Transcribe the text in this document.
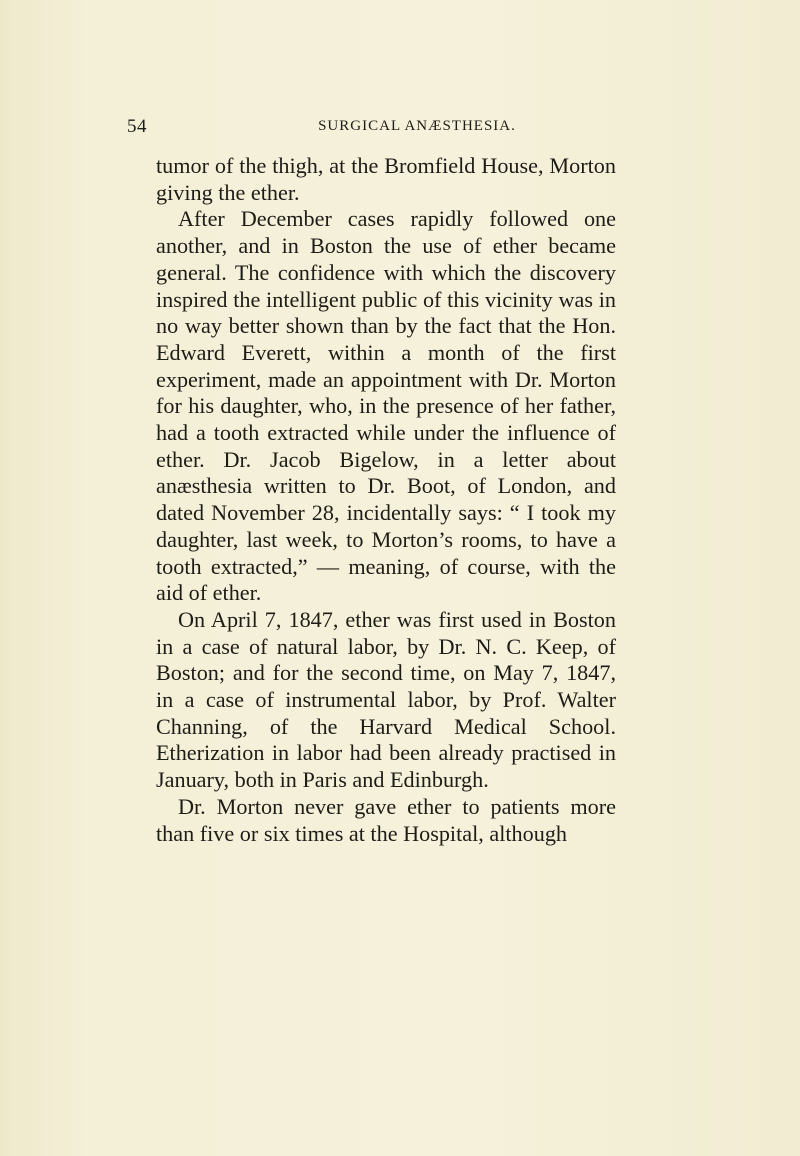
54	SURGICAL ANÆSTHESIA.

tumor of the thigh, at the Bromfield House, Morton giving the ether.

After December cases rapidly followed one another, and in Boston the use of ether became general. The confidence with which the discovery inspired the intelligent public of this vicinity was in no way better shown than by the fact that the Hon. Edward Everett, within a month of the first experiment, made an appointment with Dr. Morton for his daughter, who, in the presence of her father, had a tooth extracted while under the influence of ether. Dr. Jacob Bigelow, in a letter about anæsthesia written to Dr. Boot, of London, and dated November 28, incidentally says: “ I took my daughter, last week, to Morton’s rooms, to have a tooth extracted,” — meaning, of course, with the aid of ether.

On April 7, 1847, ether was first used in Boston in a case of natural labor, by Dr. N. C. Keep, of Boston; and for the second time, on May 7, 1847, in a case of instrumental labor, by Prof. Walter Channing, of the Harvard Medical School. Etherization in labor had been already practised in January, both in Paris and Edinburgh.

Dr. Morton never gave ether to patients more than five or six times at the Hospital, although
